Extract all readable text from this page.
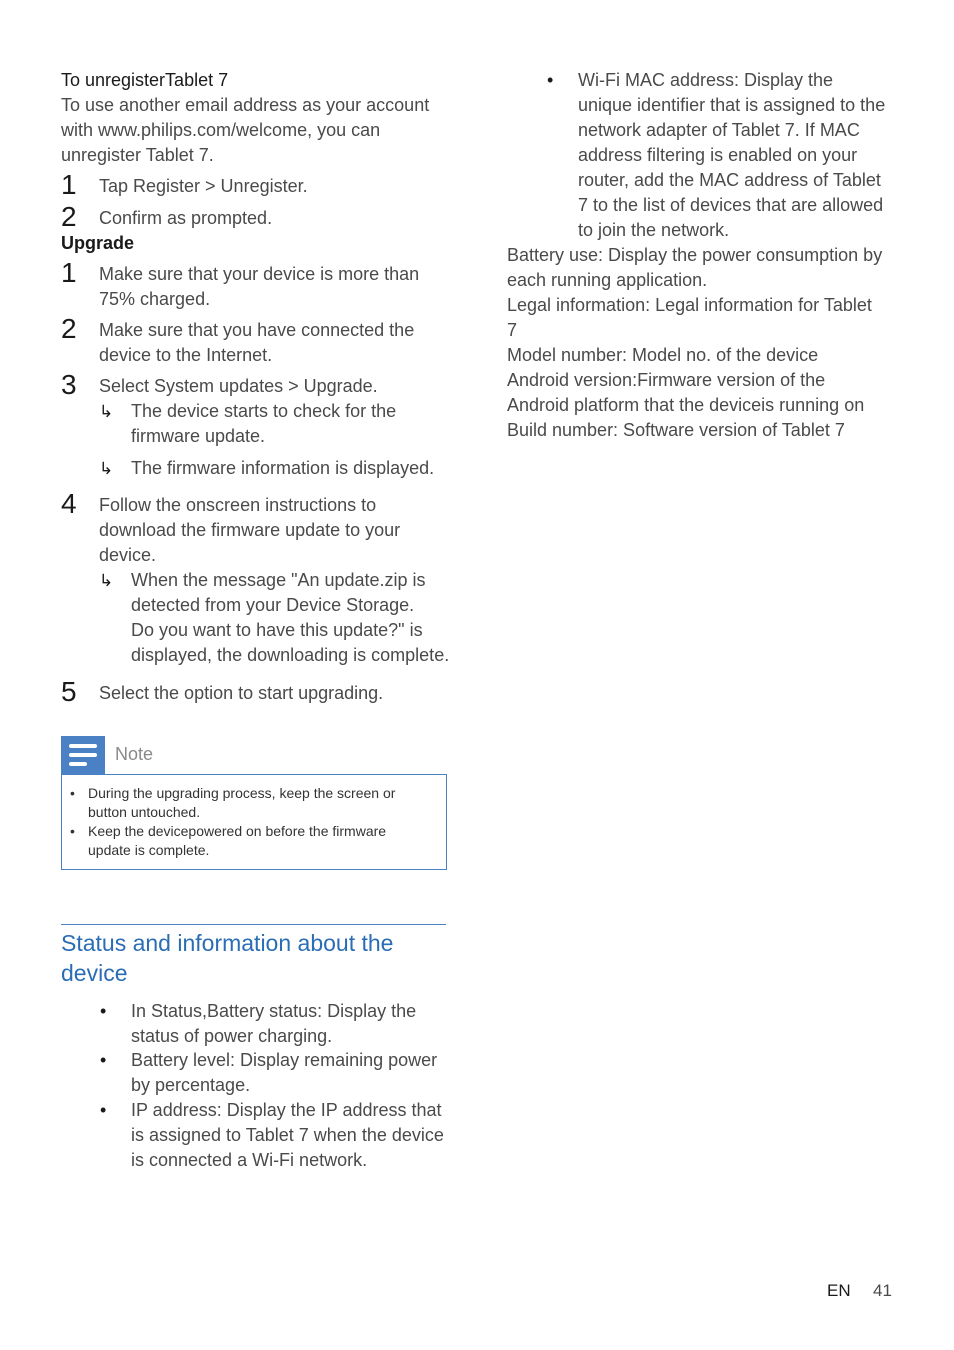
To unregisterTablet 7
To use another email address as your account
with www.philips.com/welcome, you can
unregister Tablet 7.
1 Tap Register > Unregister.
2 Confirm as prompted.
Upgrade
1 Make sure that your device is more than
75% charged.
2 Make sure that you have connected the
device to the Internet.
3 Select System updates > Upgrade.
↳ The device starts to check for the
firmware update.
↳ The firmware information is displayed.
4 Follow the onscreen instructions to
download the firmware update to your
device.
↳ When the message "An update.zip is
detected from your Device Storage.
Do you want to have this update?" is
displayed, the downloading is complete.
5 Select the option to start upgrading.
Note
• During the upgrading process, keep the screen or
button untouched.
• Keep the devicepowered on before the firmware
update is complete.
Status and information about the
device
• In Status,Battery status: Display the
status of power charging.
• Battery level: Display remaining power
by percentage.
• IP address: Display the IP address that
is assigned to Tablet 7 when the device
is connected a Wi-Fi network.
• Wi-Fi MAC address: Display the
unique identifier that is assigned to the
network adapter of Tablet 7. If MAC
address filtering is enabled on your
router, add the MAC address of Tablet
7 to the list of devices that are allowed
to join the network.
Battery use: Display the power consumption by
each running application.
Legal information: Legal information for Tablet
7
Model number: Model no. of the device
Android version:Firmware version of the
Android platform that the deviceis running on
Build number: Software version of Tablet 7
EN 41
